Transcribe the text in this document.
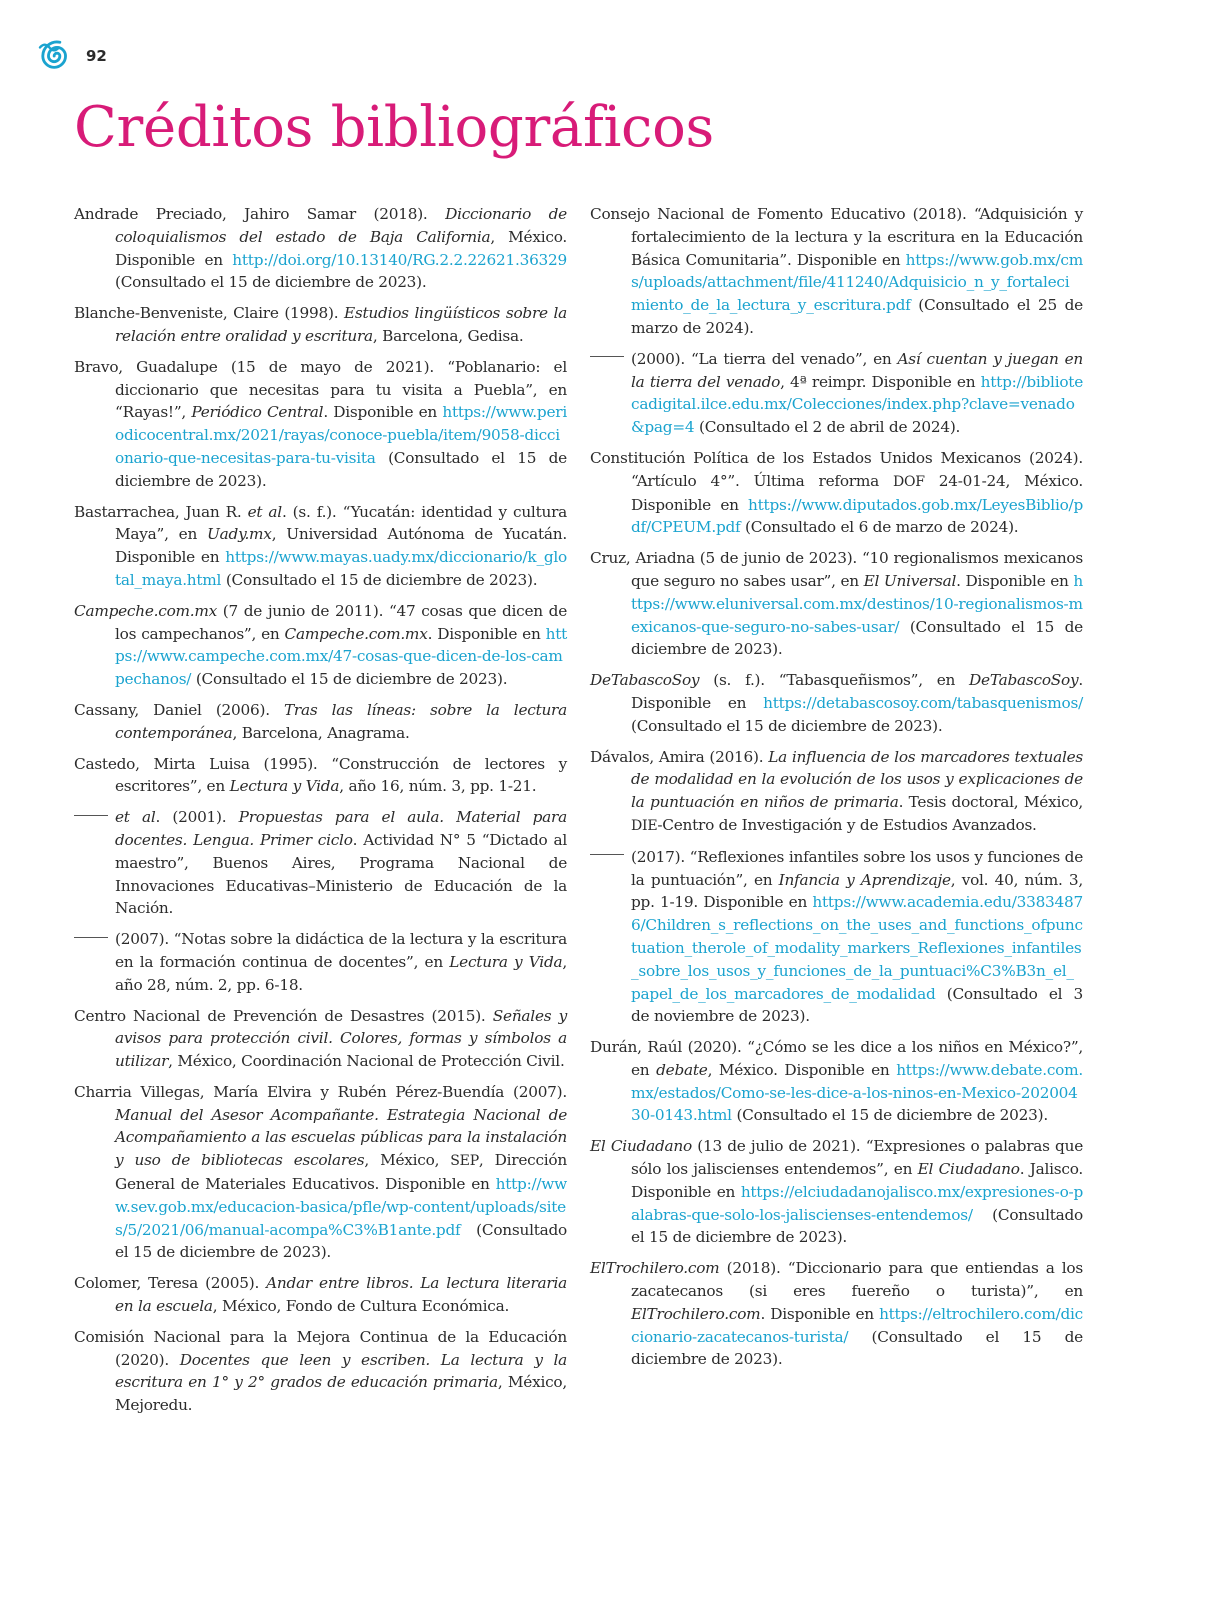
92
Créditos bibliográficos

Andrade Preciado, Jahiro Samar (2018). Diccionario de coloquialismos del estado de Baja California, México. Disponible en http://doi.org/10.13140/RG.2.2.22621.36329 (Consultado el 15 de diciembre de 2023).

Blanche-Benveniste, Claire (1998). Estudios lingüísticos sobre la relación entre oralidad y escritura, Barcelona, Gedisa.

Bravo, Guadalupe (15 de mayo de 2021). “Poblanario: el diccionario que necesitas para tu visita a Puebla”, en “Rayas!”, Periódico Central. Disponible en https://www.periodicocentral.mx/2021/rayas/conoce-puebla/item/9058-diccionario-que-necesitas-para-tu-visita (Consultado el 15 de diciembre de 2023).

Bastarrachea, Juan R. et al. (s. f.). “Yucatán: identidad y cultura Maya”, en Uady.mx, Universidad Autónoma de Yucatán. Disponible en https://www.mayas.uady.mx/diccionario/k_glotal_maya.html (Consultado el 15 de diciembre de 2023).

Campeche.com.mx (7 de junio de 2011). “47 cosas que dicen de los campechanos”, en Campeche.com.mx. Disponible en https://www.campeche.com.mx/47-cosas-que-dicen-de-los-campechanos/ (Consultado el 15 de diciembre de 2023).

Cassany, Daniel (2006). Tras las líneas: sobre la lectura contemporánea, Barcelona, Anagrama.

Castedo, Mirta Luisa (1995). “Construcción de lectores y escritores”, en Lectura y Vida, año 16, núm. 3, pp. 1-21.

et al. (2001). Propuestas para el aula. Material para docentes. Lengua. Primer ciclo. Actividad N° 5 “Dictado al maestro”, Buenos Aires, Programa Nacional de Innovaciones Educativas–Ministerio de Educación de la Nación.

(2007). “Notas sobre la didáctica de la lectura y la escritura en la formación continua de docentes”, en Lectura y Vida, año 28, núm. 2, pp. 6-18.

Centro Nacional de Prevención de Desastres (2015). Señales y avisos para protección civil. Colores, formas y símbolos a utilizar, México, Coordinación Nacional de Protección Civil.

Charria Villegas, María Elvira y Rubén Pérez-Buendía (2007). Manual del Asesor Acompañante. Estrategia Nacional de Acompañamiento a las escuelas públicas para la instalación y uso de bibliotecas escolares, México, SEP, Dirección General de Materiales Educativos. Disponible en http://www.sev.gob.mx/educacion-basica/pfle/wp-content/uploads/sites/5/2021/06/manual-acompa%C3%B1ante.pdf (Consultado el 15 de diciembre de 2023).

Colomer, Teresa (2005). Andar entre libros. La lectura literaria en la escuela, México, Fondo de Cultura Económica.

Comisión Nacional para la Mejora Continua de la Educación (2020). Docentes que leen y escriben. La lectura y la escritura en 1° y 2° grados de educación primaria, México, Mejoredu.

Consejo Nacional de Fomento Educativo (2018). “Adquisición y fortalecimiento de la lectura y la escritura en la Educación Básica Comunitaria”. Disponible en https://www.gob.mx/cms/uploads/attachment/file/411240/Adquisicio_n_y_fortalecimiento_de_la_lectura_y_escritura.pdf (Consultado el 25 de marzo de 2024).

(2000). “La tierra del venado”, en Así cuentan y juegan en la tierra del venado, 4ª reimpr. Disponible en http://bibliotecadigital.ilce.edu.mx/Colecciones/index.php?clave=venado&pag=4 (Consultado el 2 de abril de 2024).

Constitución Política de los Estados Unidos Mexicanos (2024). “Artículo 4°”. Última reforma DOF 24-01-24, México. Disponible en https://www.diputados.gob.mx/LeyesBiblio/pdf/CPEUM.pdf (Consultado el 6 de marzo de 2024).

Cruz, Ariadna (5 de junio de 2023). “10 regionalismos mexicanos que seguro no sabes usar”, en El Universal. Disponible en https://www.eluniversal.com.mx/destinos/10-regionalismos-mexicanos-que-seguro-no-sabes-usar/ (Consultado el 15 de diciembre de 2023).

DeTabascoSoy (s. f.). “Tabasqueñismos”, en DeTabascoSoy. Disponible en https://detabascosoy.com/tabasquenismos/ (Consultado el 15 de diciembre de 2023).

Dávalos, Amira (2016). La influencia de los marcadores textuales de modalidad en la evolución de los usos y explicaciones de la puntuación en niños de primaria. Tesis doctoral, México, DIE-Centro de Investigación y de Estudios Avanzados.

(2017). “Reflexiones infantiles sobre los usos y funciones de la puntuación”, en Infancia y Aprendizaje, vol. 40, núm. 3, pp. 1-19. Disponible en https://www.academia.edu/33834876/Children_s_reflections_on_the_uses_and_functions_ofpunctuation_therole_of_modality_markers_Reflexiones_infantiles_sobre_los_usos_y_funciones_de_la_puntuaci%C3%B3n_el_papel_de_los_marcadores_de_modalidad (Consultado el 3 de noviembre de 2023).

Durán, Raúl (2020). “¿Cómo se les dice a los niños en México?”, en debate, México. Disponible en https://www.debate.com.mx/estados/Como-se-les-dice-a-los-ninos-en-Mexico-20200430-0143.html (Consultado el 15 de diciembre de 2023).

El Ciudadano (13 de julio de 2021). “Expresiones o palabras que sólo los jaliscienses entendemos”, en El Ciudadano. Jalisco. Disponible en https://elciudadanojalisco.mx/expresiones-o-palabras-que-solo-los-jaliscienses-entendemos/ (Consultado el 15 de diciembre de 2023).

ElTrochilero.com (2018). “Diccionario para que entiendas a los zacatecanos (si eres fuereño o turista)”, en ElTrochilero.com. Disponible en https://eltrochilero.com/diccionario-zacatecanos-turista/ (Consultado el 15 de diciembre de 2023).
